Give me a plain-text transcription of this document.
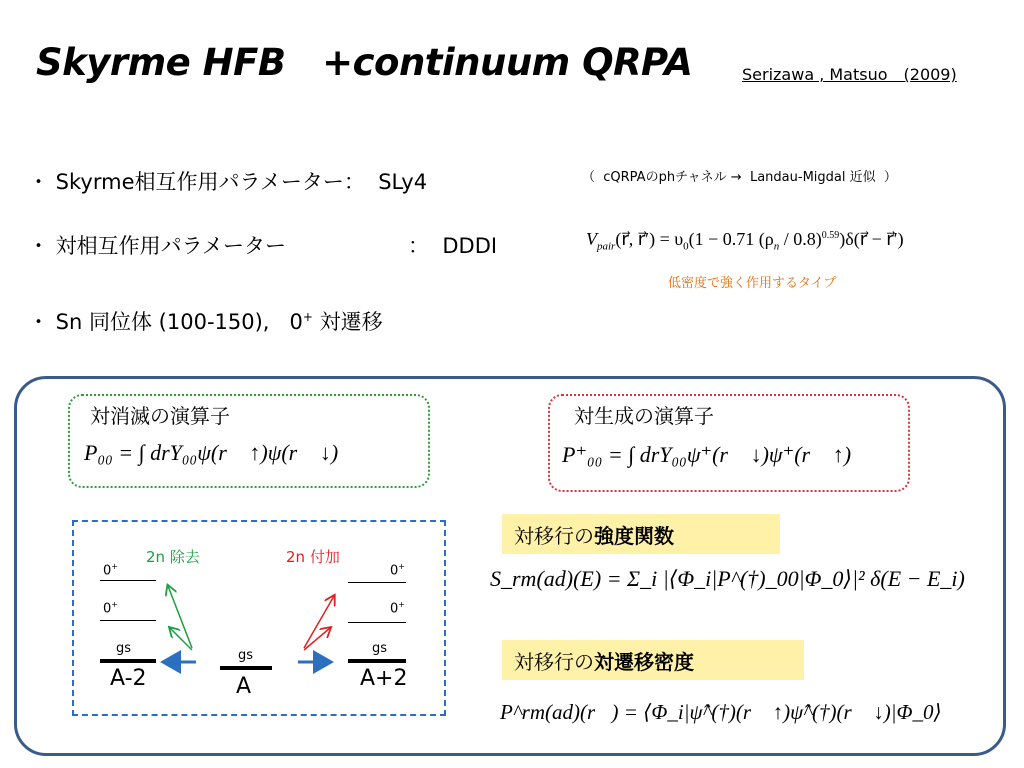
Skyrme HFB　+continuum QRPA	Serizawa , Matsuo　(2009)
・ Skyrme相互作用パラメーター：  SLy4	（  cQRPAのphチャネル →  Landau-Migdal 近似  ）
・ 対相互作用パラメーター	：  DDDI	$V_{pair}(r⃗$, r⃗′) = $\upsilon_0(1 - 0.71$ ($\rho_n$ / 0.8)$^{0.59}$)δ(r⃗ − r⃗′)
低密度で強く作用するタイプ
・ Sn 同位体 (100-150),   0+ 対遷移
対消滅の演算子
P₀₀ = ∫ drY₀₀ψ(r⃗ ↑)ψ(r⃗ ↓)
対生成の演算子
P⁺₀₀ = ∫ drY₀₀ψ⁺(r⃗ ↓)ψ⁺(r⃗ ↑)
2n 除去	2n 付加
0+
0+
gs
A-2
gs
A
0+
0+
gs
A+2
対移行の強度関数
S_rm(ad)(E) = Σ_i |⟨Φ_i|P^(†)_00|Φ_0⟩|² δ(E − E_i)
対移行の対遷移密度
P^rm(ad)(r⃗) = ⟨Φ_i|ψ̂^(†)(r⃗ ↑)ψ̂^(†)(r⃗ ↓)|Φ_0⟩
